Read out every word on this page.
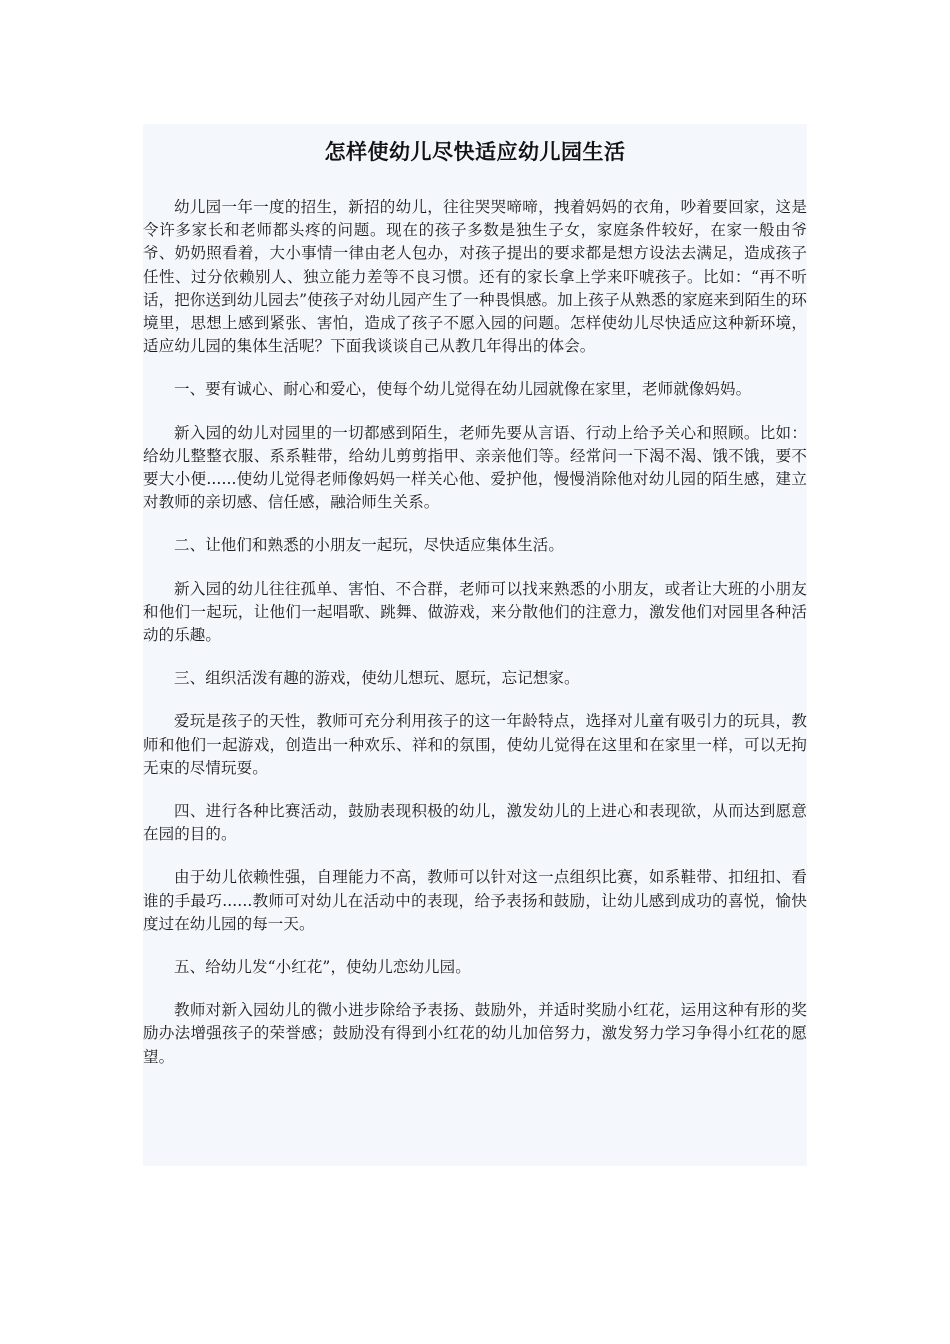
怎样使幼儿尽快适应幼儿园生活

幼儿园一年一度的招生，新招的幼儿，往往哭哭啼啼，拽着妈妈的衣角，吵着要回家，这是令许多家长和老师都头疼的问题。现在的孩子多数是独生子女，家庭条件较好，在家一般由爷爷、奶奶照看着，大小事情一律由老人包办，对孩子提出的要求都是想方设法去满足，造成孩子任性、过分依赖别人、独立能力差等不良习惯。还有的家长拿上学来吓唬孩子。比如：“再不听话，把你送到幼儿园去”使孩子对幼儿园产生了一种畏惧感。加上孩子从熟悉的家庭来到陌生的环境里，思想上感到紧张、害怕，造成了孩子不愿入园的问题。怎样使幼儿尽快适应这种新环境，适应幼儿园的集体生活呢？下面我谈谈自己从教几年得出的体会。

一、要有诚心、耐心和爱心，使每个幼儿觉得在幼儿园就像在家里，老师就像妈妈。

新入园的幼儿对园里的一切都感到陌生，老师先要从言语、行动上给予关心和照顾。比如：给幼儿整整衣服、系系鞋带，给幼儿剪剪指甲、亲亲他们等。经常问一下渴不渴、饿不饿，要不要大小便......使幼儿觉得老师像妈妈一样关心他、爱护他，慢慢消除他对幼儿园的陌生感，建立对教师的亲切感、信任感，融洽师生关系。

二、让他们和熟悉的小朋友一起玩，尽快适应集体生活。

新入园的幼儿往往孤单、害怕、不合群，老师可以找来熟悉的小朋友，或者让大班的小朋友和他们一起玩，让他们一起唱歌、跳舞、做游戏，来分散他们的注意力，激发他们对园里各种活动的乐趣。

三、组织活泼有趣的游戏，使幼儿想玩、愿玩，忘记想家。

爱玩是孩子的天性，教师可充分利用孩子的这一年龄特点，选择对儿童有吸引力的玩具，教师和他们一起游戏，创造出一种欢乐、祥和的氛围，使幼儿觉得在这里和在家里一样，可以无拘无束的尽情玩耍。

四、进行各种比赛活动，鼓励表现积极的幼儿，激发幼儿的上进心和表现欲，从而达到愿意在园的目的。

由于幼儿依赖性强，自理能力不高，教师可以针对这一点组织比赛，如系鞋带、扣纽扣、看谁的手最巧......教师可对幼儿在活动中的表现，给予表扬和鼓励，让幼儿感到成功的喜悦，愉快度过在幼儿园的每一天。

五、给幼儿发“小红花”，使幼儿恋幼儿园。

教师对新入园幼儿的微小进步除给予表扬、鼓励外，并适时奖励小红花，运用这种有形的奖励办法增强孩子的荣誉感；鼓励没有得到小红花的幼儿加倍努力，激发努力学习争得小红花的愿望。
